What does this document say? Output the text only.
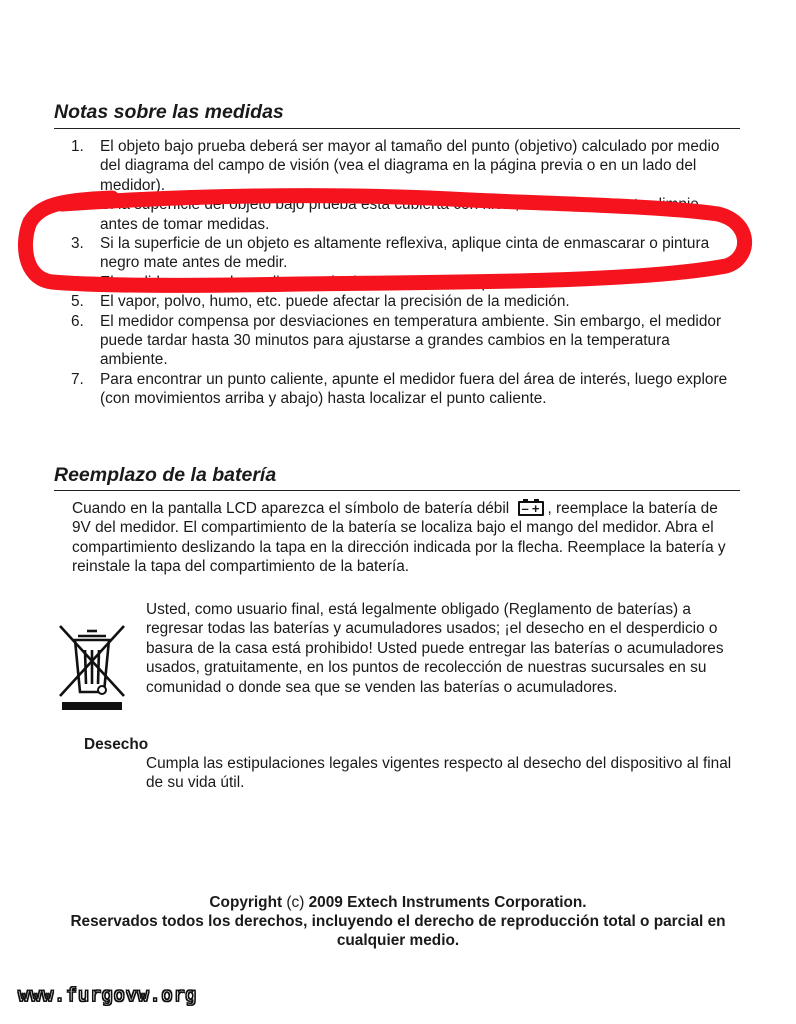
Notas sobre las medidas
1. El objeto bajo prueba deberá ser mayor al tamaño del punto (objetivo) calculado por medio del diagrama del campo de visión (vea el diagrama en la página previa o en un lado del medidor).
2. Si la superficie del objeto bajo prueba está cubierta con hielo, aceite, mugre, etc., limpie antes de tomar medidas.
3. Si la superficie de un objeto es altamente reflexiva, aplique cinta de enmascarar o pintura negro mate antes de medir.
4. El medidor no puede medir a través de superficies transparentes.
5. El vapor, polvo, humo, etc. puede afectar la precisión de la medición.
6. El medidor compensa por desviaciones en temperatura ambiente. Sin embargo, el medidor puede tardar hasta 30 minutos para ajustarse a grandes cambios en la temperatura ambiente.
7. Para encontrar un punto caliente, apunte el medidor fuera del área de interés, luego explore (con movimientos arriba y abajo) hasta localizar el punto caliente.
Reemplazo de la batería

Cuando en la pantalla LCD aparezca el símbolo de batería débil – + , reemplace la batería de 9V del medidor. El compartimiento de la batería se localiza bajo el mango del medidor. Abra el compartimiento deslizando la tapa en la dirección indicada por la flecha. Reemplace la batería y reinstale la tapa del compartimiento de la batería.

Usted, como usuario final, está legalmente obligado (Reglamento de baterías) a regresar todas las baterías y acumuladores usados; ¡el desecho en el desperdicio o basura de la casa está prohibido! Usted puede entregar las baterías o acumuladores usados, gratuitamente, en los puntos de recolección de nuestras sucursales en su comunidad o donde sea que se venden las baterías o acumuladores.

Desecho

Cumpla las estipulaciones legales vigentes respecto al desecho del dispositivo al final de su vida útil.

Copyright (c) 2009 Extech Instruments Corporation.
Reservados todos los derechos, incluyendo el derecho de reproducción total o parcial en cualquier medio.
www.furgovw.org
